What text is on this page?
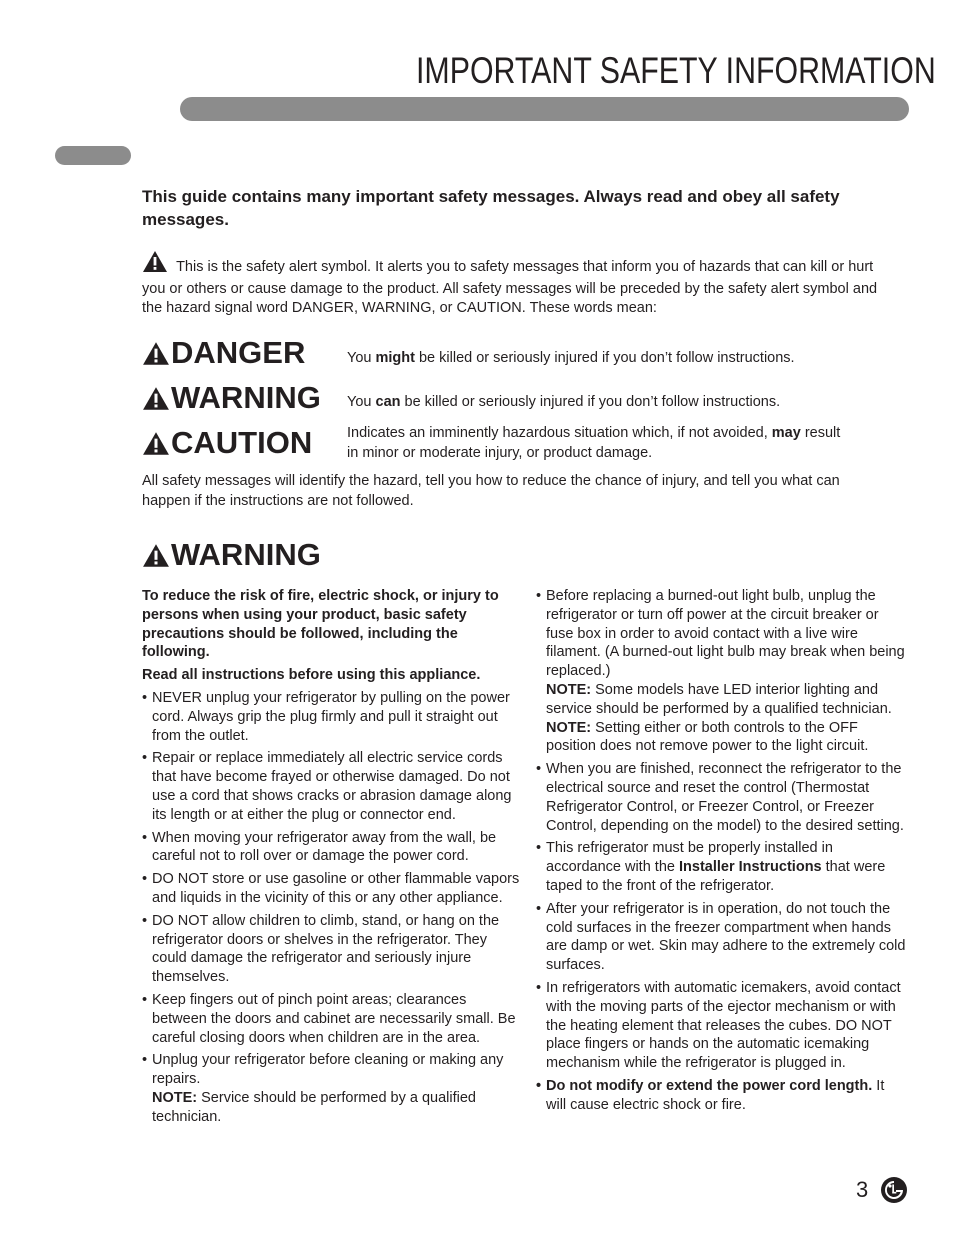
IMPORTANT SAFETY INFORMATION
This guide contains many important safety messages. Always read and obey all safety messages.
This is the safety alert symbol. It alerts you to safety messages that inform you of hazards that can kill or hurt you or others or cause damage to the product. All safety messages will be preceded by the safety alert symbol and the hazard signal word DANGER, WARNING, or CAUTION. These words mean:
DANGER	You might be killed or seriously injured if you don’t follow instructions.
WARNING You can be killed or seriously injured if you don’t follow instructions.
CAUTION Indicates an imminently hazardous situation which, if not avoided, may result in minor or moderate injury, or product damage.
All safety messages will identify the hazard, tell you how to reduce the chance of injury, and tell you what can happen if the instructions are not followed.
WARNING
To reduce the risk of fire, electric shock, or injury to persons when using your product, basic safety precautions should be followed, including the following.
Read all instructions before using this appliance.
• NEVER unplug your refrigerator by pulling on the power cord. Always grip the plug firmly and pull it straight out from the outlet.
• Repair or replace immediately all electric service cords that have become frayed or otherwise damaged. Do not use a cord that shows cracks or abrasion damage along its length or at either the plug or connector end.
• When moving your refrigerator away from the wall, be careful not to roll over or damage the power cord.
• DO NOT store or use gasoline or other flammable vapors and liquids in the vicinity of this or any other appliance.
• DO NOT allow children to climb, stand, or hang on the refrigerator doors or shelves in the refrigerator. They could damage the refrigerator and seriously injure themselves.
• Keep fingers out of pinch point areas; clearances between the doors and cabinet are necessarily small. Be careful closing doors when children are in the area.
• Unplug your refrigerator before cleaning or making any repairs.
NOTE: Service should be performed by a qualified technician.
• Before replacing a burned-out light bulb, unplug the refrigerator or turn off power at the circuit breaker or fuse box in order to avoid contact with a live wire filament. (A burned-out light bulb may break when being replaced.)
NOTE: Some models have LED interior lighting and service should be performed by a qualified technician.
NOTE: Setting either or both controls to the OFF position does not remove power to the light circuit.
• When you are finished, reconnect the refrigerator to the electrical source and reset the control (Thermostat Refrigerator Control, or Freezer Control, or Freezer Control, depending on the model) to the desired setting.
• This refrigerator must be properly installed in accordance with the Installer Instructions that were taped to the front of the refrigerator.
• After your refrigerator is in operation, do not touch the cold surfaces in the freezer compartment when hands are damp or wet. Skin may adhere to the extremely cold surfaces.
• In refrigerators with automatic icemakers, avoid contact with the moving parts of the ejector mechanism or with the heating element that releases the cubes. DO NOT place fingers or hands on the automatic icemaking mechanism while the refrigerator is plugged in.
• Do not modify or extend the power cord length. It will cause electric shock or fire.
3
